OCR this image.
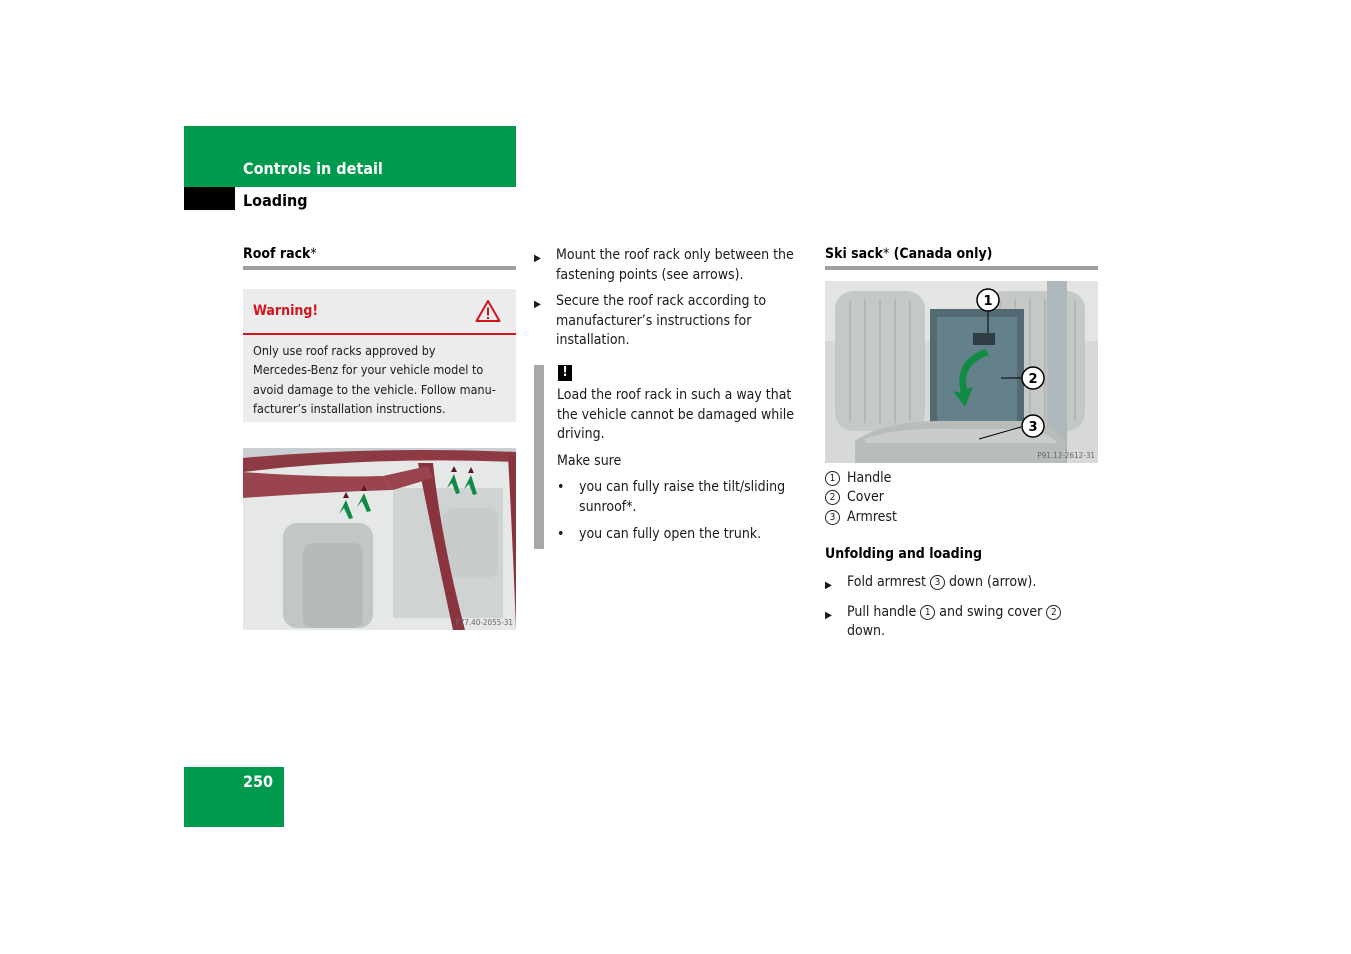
Controls in detail
Loading
Roof rack*
Warning!
Only use roof racks approved by
Mercedes-Benz for your vehicle model to
avoid damage to the vehicle. Follow manu-
facturer’s installation instructions.
P77.40-2055-31
▶	Mount the roof rack only between the
fastening points (see arrows).
▶	Secure the roof rack according to
manufacturer’s instructions for
installation.
!
Load the roof rack in such a way that
the vehicle cannot be damaged while
driving.
Make sure
•	you can fully raise the tilt/sliding
sunroof*.
•	you can fully open the trunk.
Ski sack* (Canada only)
1
2
3
P91.12-2612-31
1 Handle
2 Cover
3 Armrest
Unfolding and loading
▶	Fold armrest 3 down (arrow).
▶	Pull handle 1 and swing cover 2
down.
250
